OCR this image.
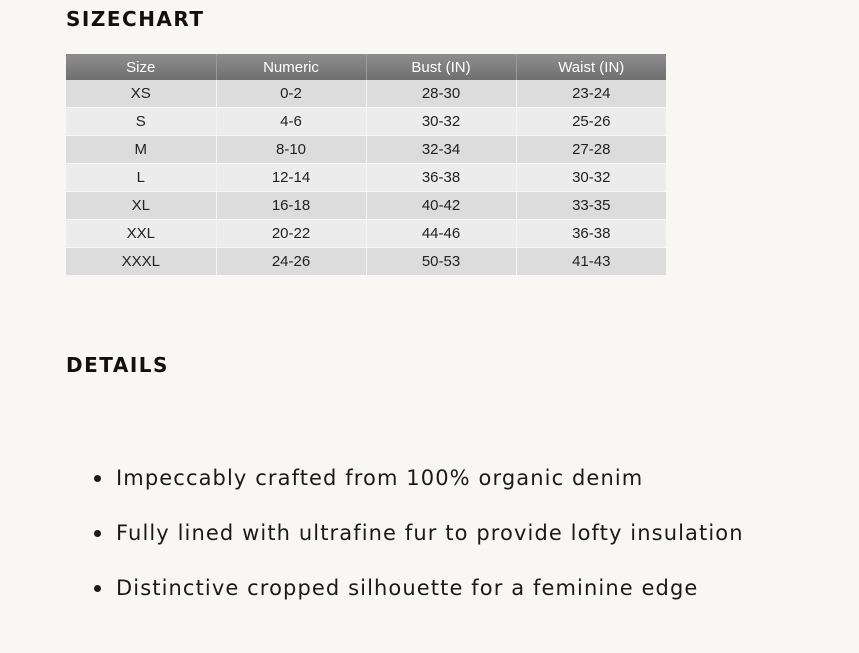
SIZECHART
Size	Numeric	Bust (IN)	Waist (IN)
XS	0-2	28-30	23-24
S	4-6	30-32	25-26
M	8-10	32-34	27-28
L	12-14	36-38	30-32
XL	16-18	40-42	33-35
XXL	20-22	44-46	36-38
XXXL	24-26	50-53	41-43
DETAILS
Impeccably crafted from 100% organic denim
Fully lined with ultrafine fur to provide lofty insulation
Distinctive cropped silhouette for a feminine edge
